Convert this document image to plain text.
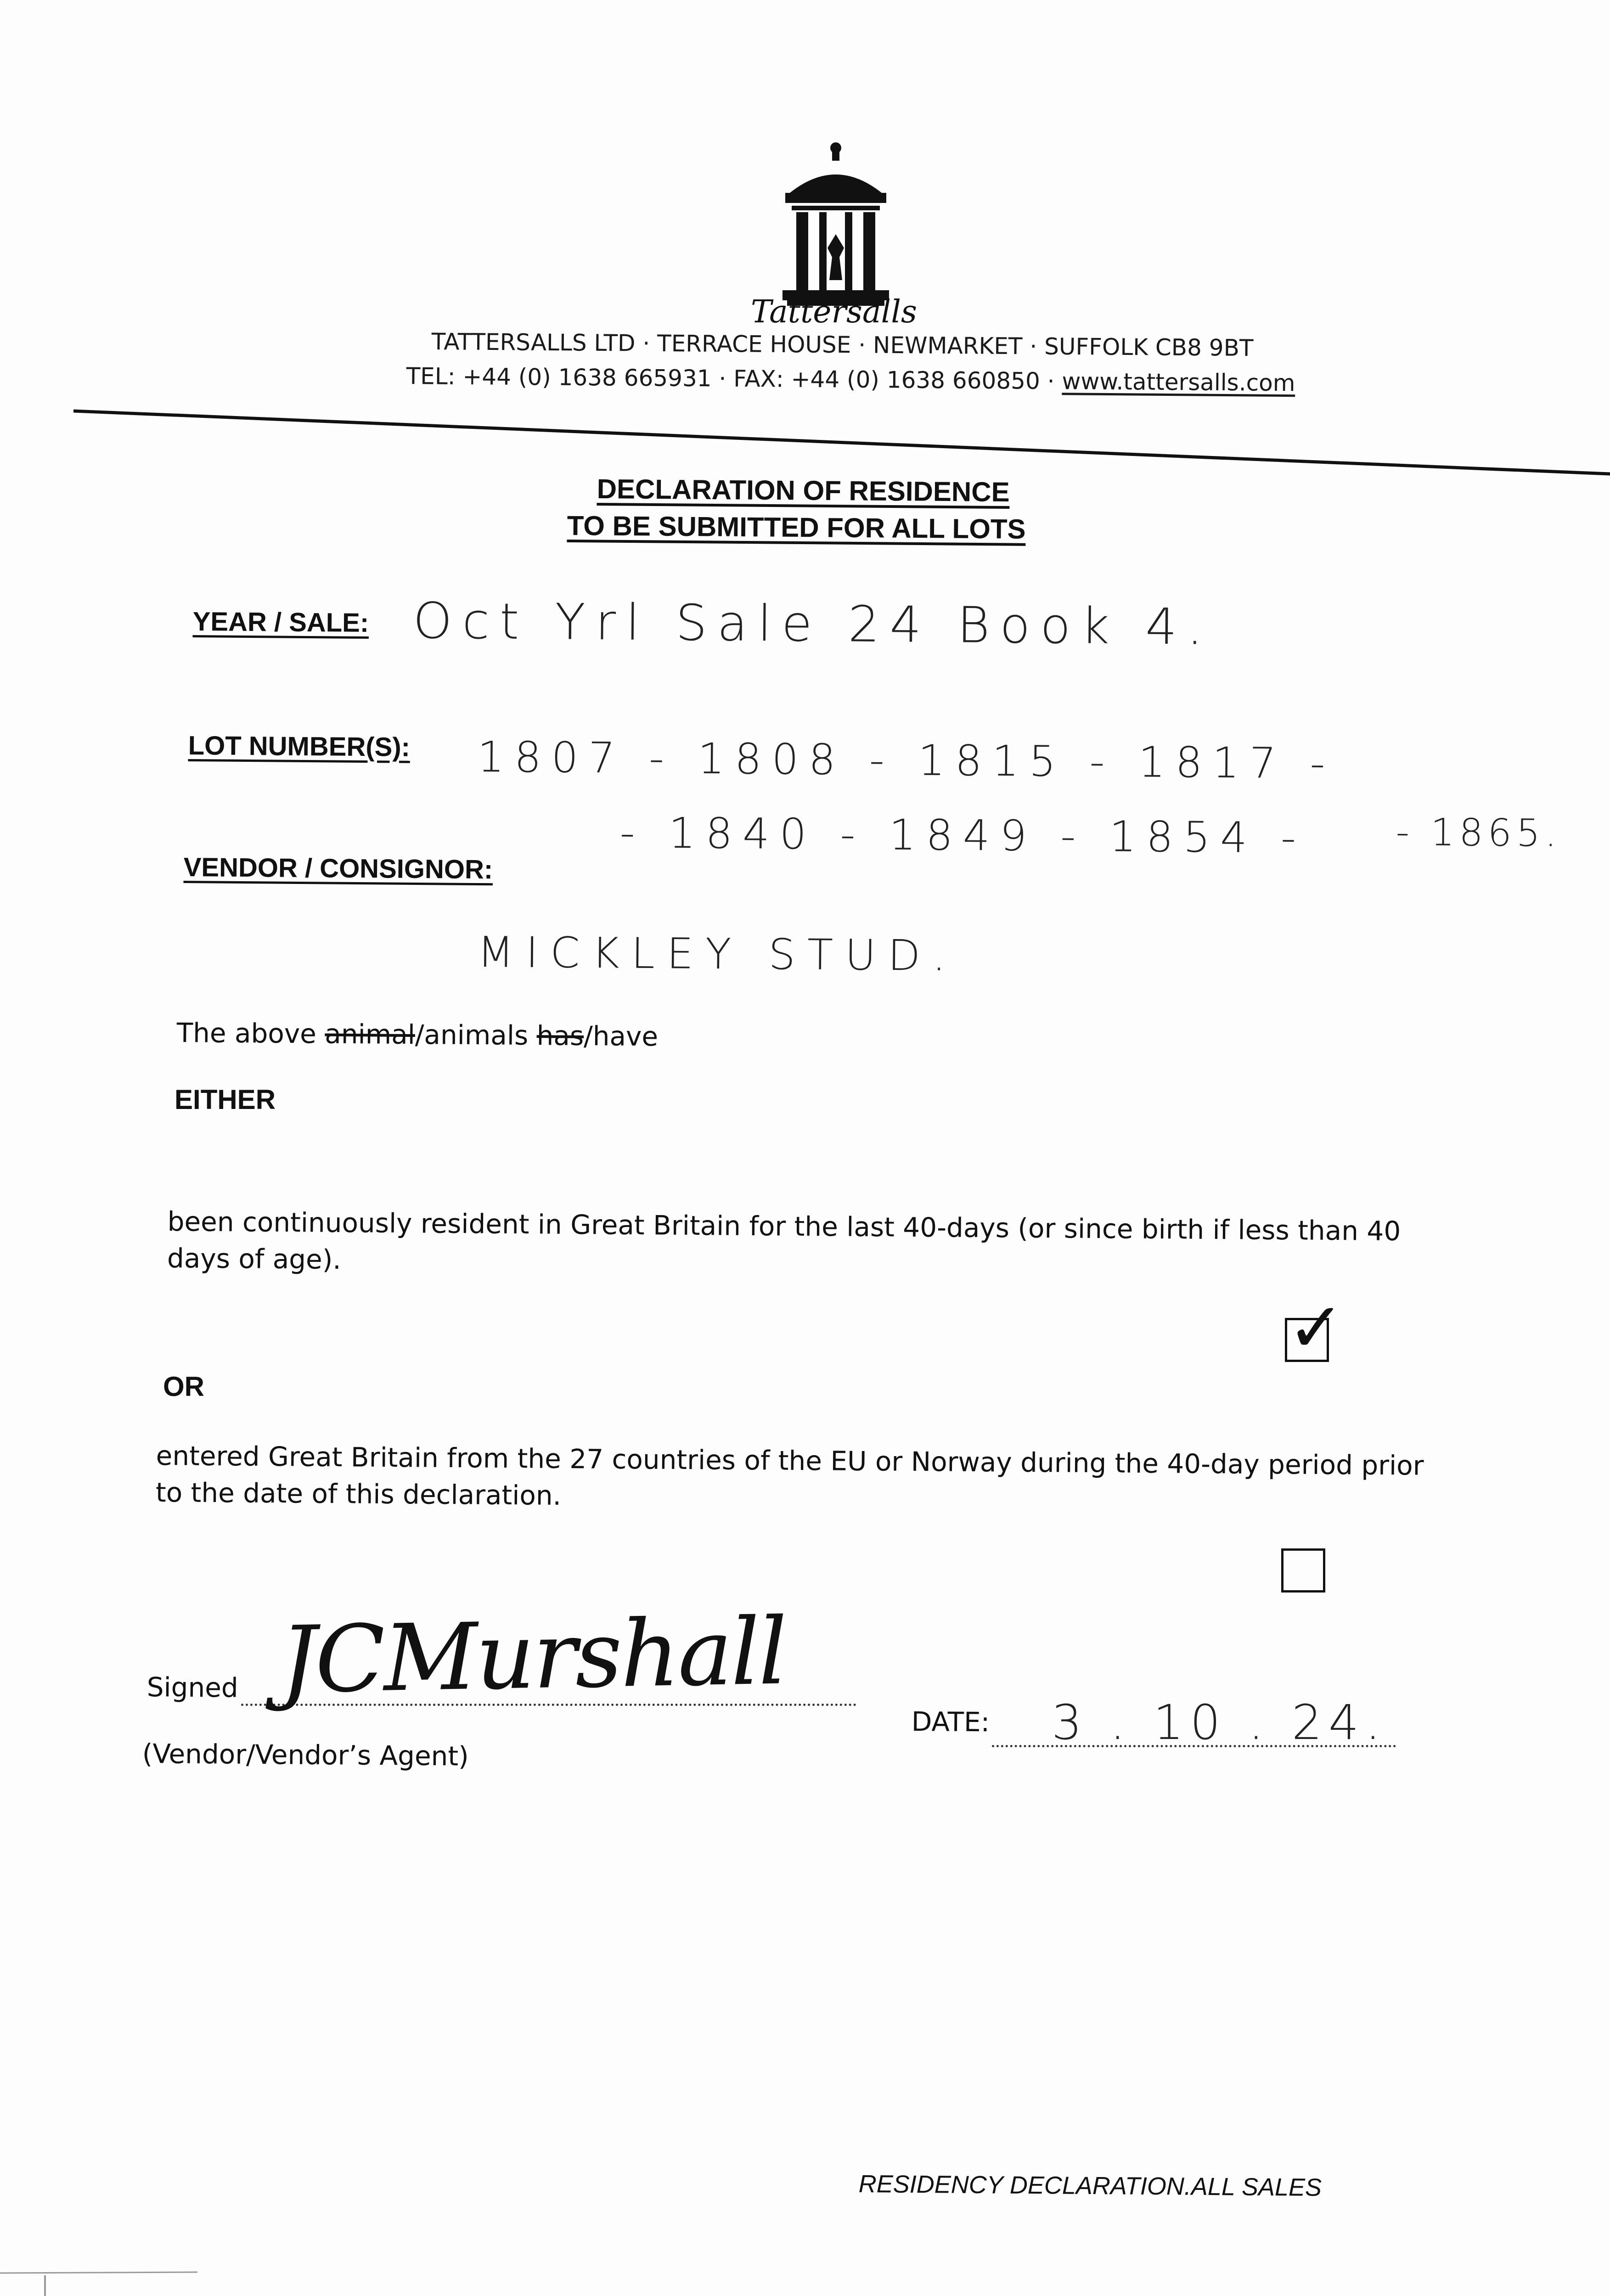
Tattersalls
TATTERSALLS LTD · TERRACE HOUSE · NEWMARKET · SUFFOLK CB8 9BT
TEL: +44 (0) 1638 665931 · FAX: +44 (0) 1638 660850 · www.tattersalls.com
DECLARATION OF RESIDENCE
TO BE SUBMITTED FOR ALL LOTS
YEAR / SALE: Oct Yrl Sale 24 Book 4.
LOT NUMBER(S): 1807 - 1808 - 1815 - 1817 -
- 1840 - 1849 - 1854 - - 1865.
VENDOR / CONSIGNOR:
MICKLEY STUD.
The above animal/animals has/have
EITHER
been continuously resident in Great Britain for the last 40-days (or since birth if less than 40 days of age).
✓
OR
entered Great Britain from the 27 countries of the EU or Norway during the 40-day period prior to the date of this declaration.
Signed JCMurshall
(Vendor/Vendor’s Agent)
DATE: 3 . 10 . 24.
RESIDENCY DECLARATION.ALL SALES
